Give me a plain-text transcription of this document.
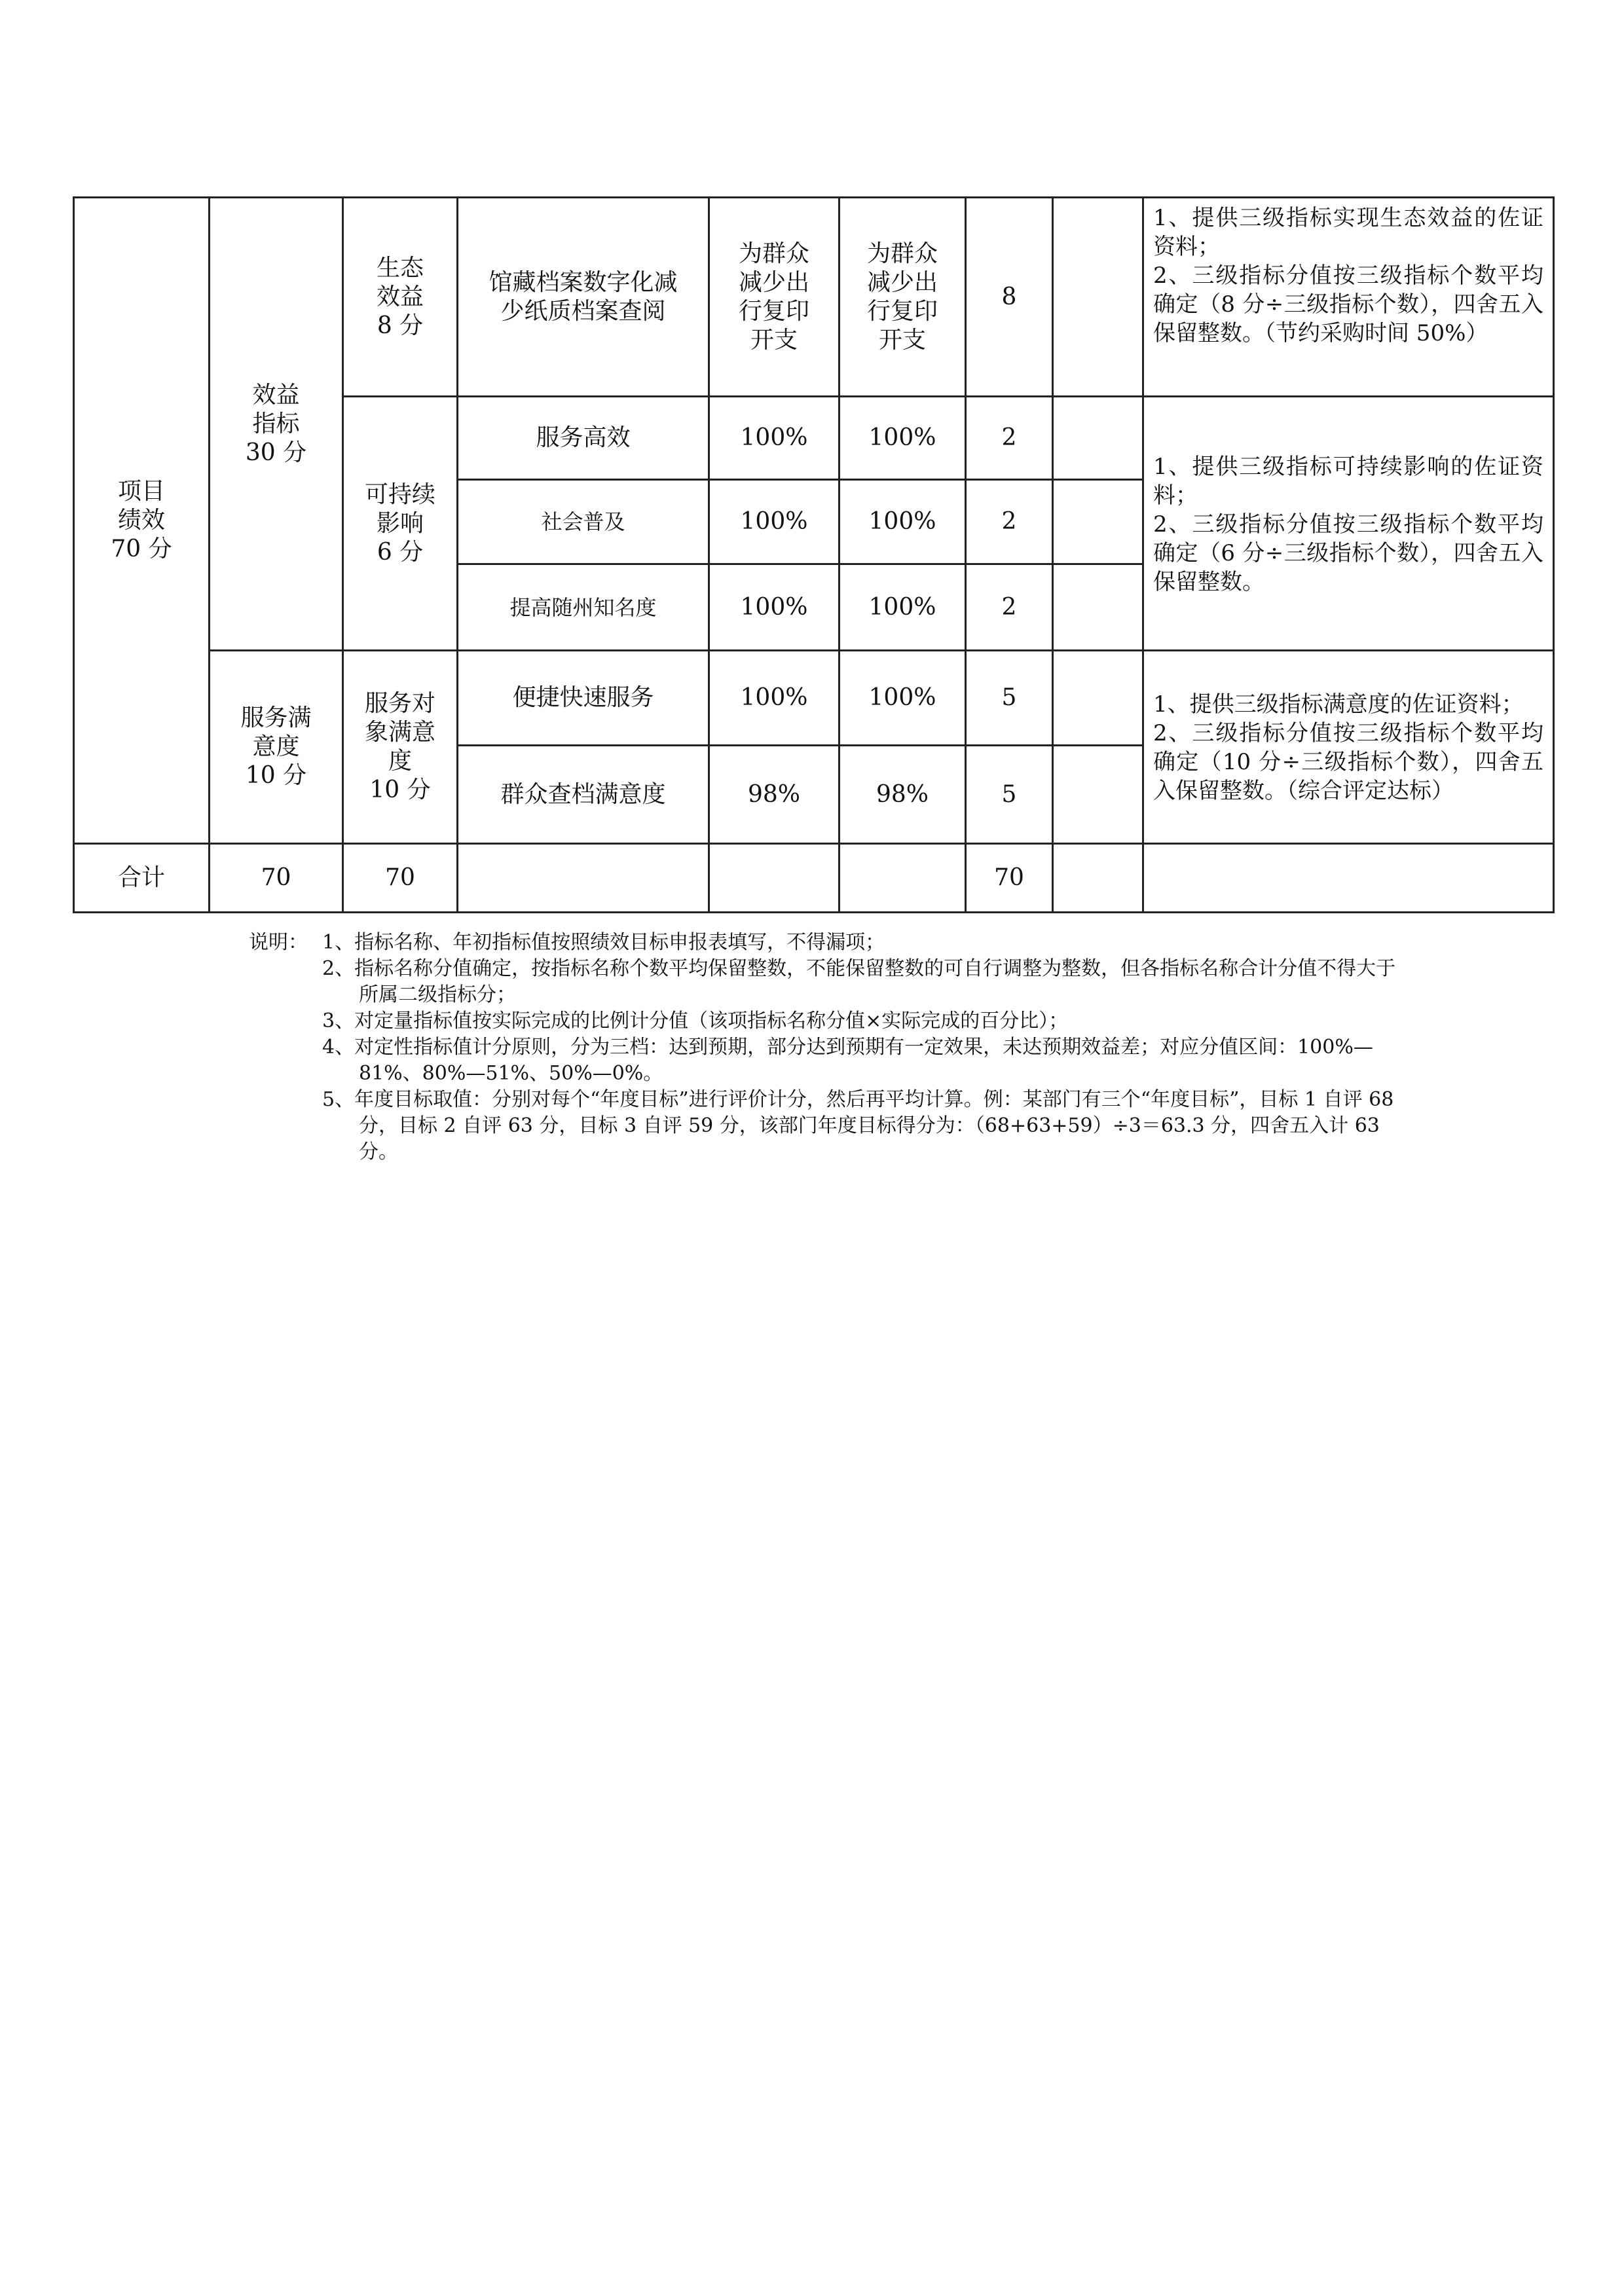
项目
绩效
70 分	效益
指标
30 分	生态
效益
8 分	馆藏档案数字化减
少纸质档案查阅	为群众
减少出
行复印
开支	为群众
减少出
行复印
开支	8		1、提供三级指标实现生态效益的佐证资料；
2、三级指标分值按三级指标个数平均确定（8 分÷三级指标个数），四舍五入保留整数。（节约采购时间 50%）
		可持续
影响
6 分	服务高效	100%	100%	2		1、提供三级指标可持续影响的佐证资料；
2、三级指标分值按三级指标个数平均确定（6 分÷三级指标个数），四舍五入保留整数。
			社会普及	100%	100%	2		
			提高随州知名度	100%	100%	2		
	服务满
意度
10 分	服务对
象满意
度
10 分	便捷快速服务	100%	100%	5		1、提供三级指标满意度的佐证资料；
2、三级指标分值按三级指标个数平均确定（10 分÷三级指标个数），四舍五入保留整数。（综合评定达标）
			群众查档满意度	98%	98%	5		
合计	70	70				70		
说明： 1、指标名称、年初指标值按照绩效目标申报表填写，不得漏项；
2、指标名称分值确定，按指标名称个数平均保留整数，不能保留整数的可自行调整为整数，但各指标名称合计分值不得大于所属二级指标分；
3、对定量指标值按实际完成的比例计分值（该项指标名称分值×实际完成的百分比）；
4、对定性指标值计分原则，分为三档：达到预期，部分达到预期有一定效果，未达预期效益差；对应分值区间：100%—81%、80%—51%、50%—0%。
5、年度目标取值：分别对每个“年度目标”进行评价计分，然后再平均计算。例：某部门有三个“年度目标”，目标 1 自评 68 分，目标 2 自评 63 分，目标 3 自评 59 分，该部门年度目标得分为：（68+63+59）÷3＝63.3 分，四舍五入计 63 分。
